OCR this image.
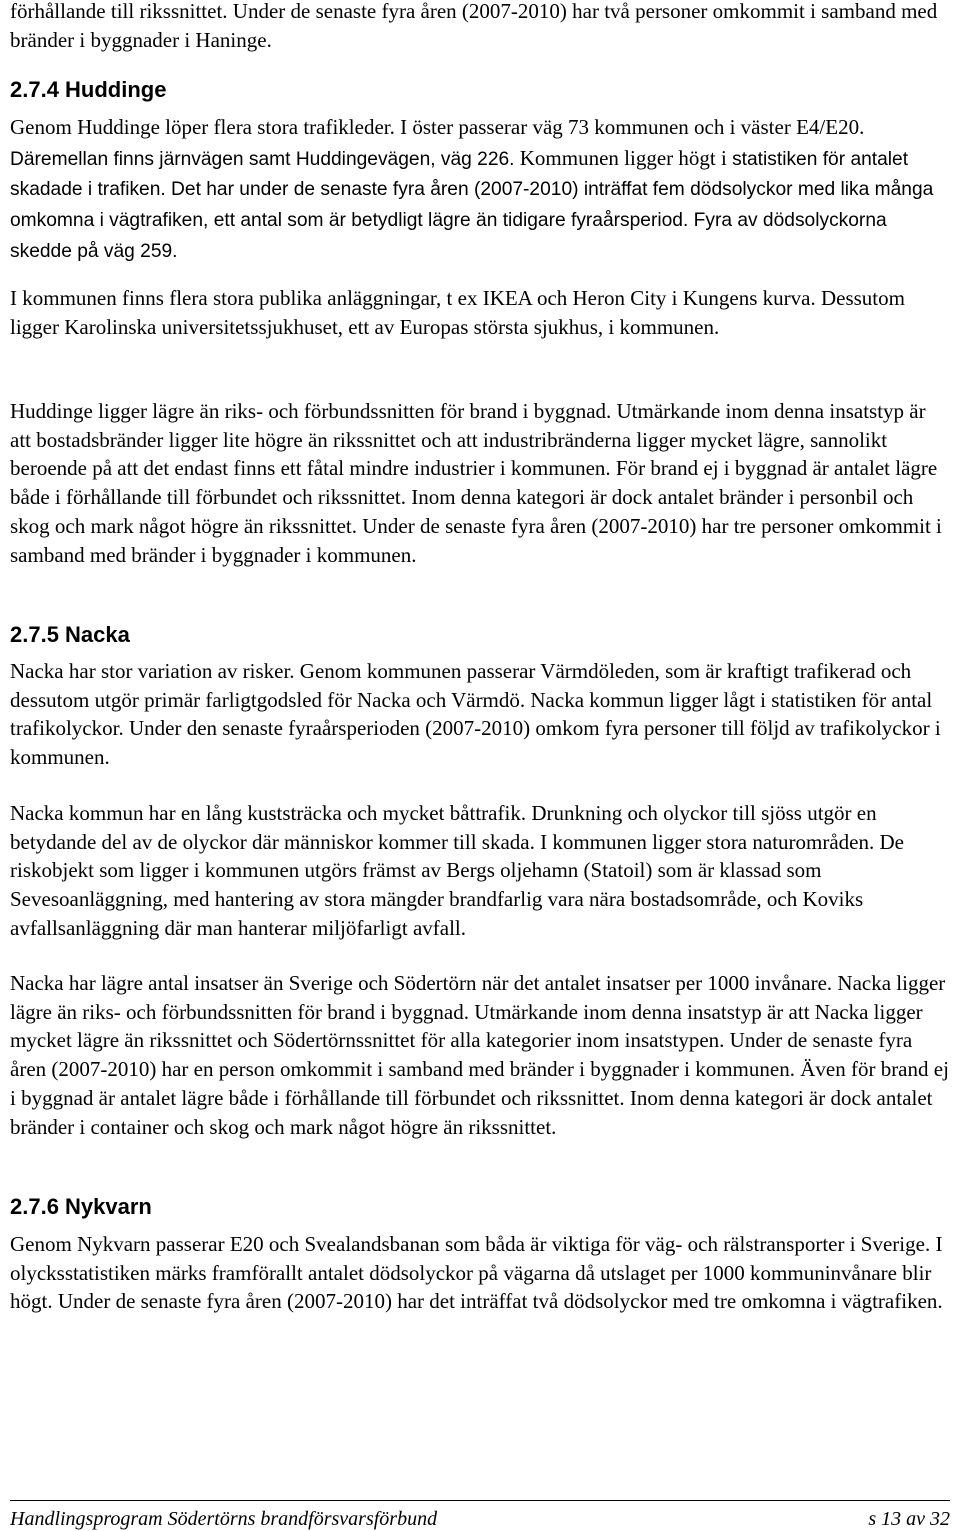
förhållande till rikssnittet. Under de senaste fyra åren (2007-2010) har två personer omkommit i samband med bränder i byggnader i Haninge.

2.7.4 Huddinge

Genom Huddinge löper flera stora trafikleder. I öster passerar väg 73 kommunen och i väster E4/E20. Däremellan finns järnvägen samt Huddingevägen, väg 226. Kommunen ligger högt i statistiken för antalet skadade i trafiken. Det har under de senaste fyra åren (2007-2010) inträffat fem dödsolyckor med lika många omkomna i vägtrafiken, ett antal som är betydligt lägre än tidigare fyraårsperiod. Fyra av dödsolyckorna skedde på väg 259.

I kommunen finns flera stora publika anläggningar, t ex IKEA och Heron City i Kungens kurva. Dessutom ligger Karolinska universitetssjukhuset, ett av Europas största sjukhus, i kommunen.

Huddinge ligger lägre än riks- och förbundssnitten för brand i byggnad. Utmärkande inom denna insatstyp är att bostadsbränder ligger lite högre än rikssnittet och att industribränderna ligger mycket lägre, sannolikt beroende på att det endast finns ett fåtal mindre industrier i kommunen. För brand ej i byggnad är antalet lägre både i förhållande till förbundet och rikssnittet. Inom denna kategori är dock antalet bränder i personbil och skog och mark något högre än rikssnittet. Under de senaste fyra åren (2007-2010) har tre personer omkommit i samband med bränder i byggnader i kommunen.

2.7.5 Nacka

Nacka har stor variation av risker. Genom kommunen passerar Värmdöleden, som är kraftigt trafikerad och dessutom utgör primär farligtgodsled för Nacka och Värmdö. Nacka kommun ligger lågt i statistiken för antal trafikolyckor. Under den senaste fyraårsperioden (2007-2010) omkom fyra personer till följd av trafikolyckor i kommunen.

Nacka kommun har en lång kuststräcka och mycket båttrafik. Drunkning och olyckor till sjöss utgör en betydande del av de olyckor där människor kommer till skada. I kommunen ligger stora naturområden. De riskobjekt som ligger i kommunen utgörs främst av Bergs oljehamn (Statoil) som är klassad som Sevesoanläggning, med hantering av stora mängder brandfarlig vara nära bostadsområde, och Koviks avfallsanläggning där man hanterar miljöfarligt avfall.

Nacka har lägre antal insatser än Sverige och Södertörn när det antalet insatser per 1000 invånare. Nacka ligger lägre än riks- och förbundssnitten för brand i byggnad. Utmärkande inom denna insatstyp är att Nacka ligger mycket lägre än rikssnittet och Södertörnssnittet för alla kategorier inom insatstypen. Under de senaste fyra åren (2007-2010) har en person omkommit i samband med bränder i byggnader i kommunen. Även för brand ej i byggnad är antalet lägre både i förhållande till förbundet och rikssnittet. Inom denna kategori är dock antalet bränder i container och skog och mark något högre än rikssnittet.

2.7.6 Nykvarn

Genom Nykvarn passerar E20 och Svealandsbanan som båda är viktiga för väg- och rälstransporter i Sverige. I olycksstatistiken märks framförallt antalet dödsolyckor på vägarna då utslaget per 1000 kommuninvånare blir högt. Under de senaste fyra åren (2007-2010) har det inträffat två dödsolyckor med tre omkomna i vägtrafiken.

Handlingsprogram Södertörns brandförsvarsförbund	s 13 av 32
